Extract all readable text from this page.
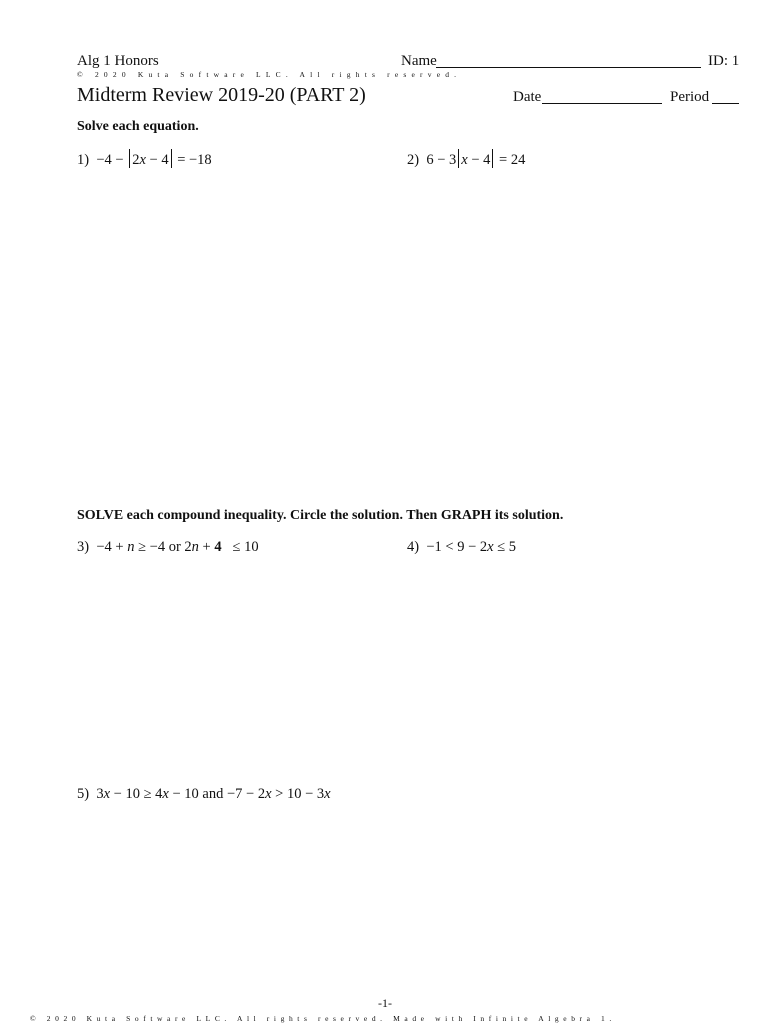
Alg 1 Honors	Name	ID: 1
© 2020 Kuta Software LLC. All rights reserved.
Midterm Review 2019-20 (PART 2)	Date	Period
Solve each equation.
1) −4 − 2x − 4 = −18	2) 6 − 3 x − 4 = 24
SOLVE each compound inequality. Circle the solution. Then GRAPH its solution.
3) −4 + n ≥ −4 or 2n + 4 ≤ 10	4) −1 < 9 − 2x ≤ 5
5) 3x − 10 ≥ 4x − 10 and −7 − 2x > 10 − 3x
-1-
© 2020 Kuta Software LLC. All rights reserved. Made with Infinite Algebra 1.
